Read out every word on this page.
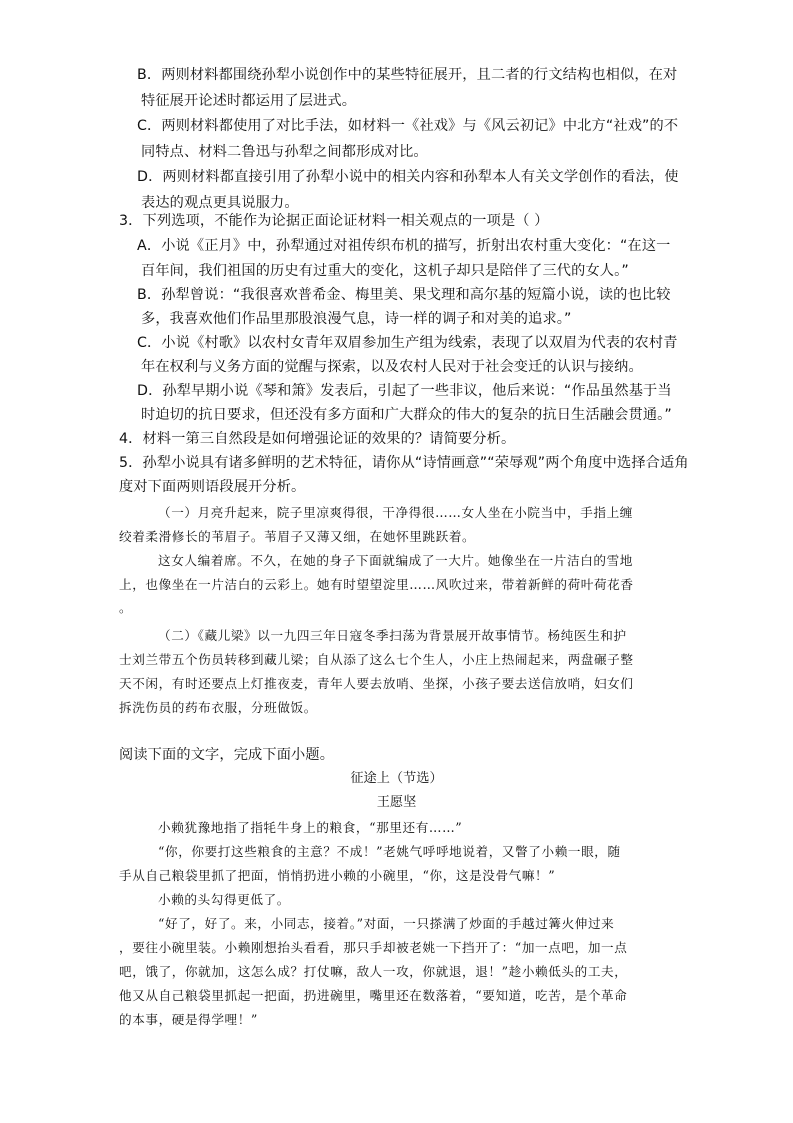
B．两则材料都围绕孙犁小说创作中的某些特征展开，且二者的行文结构也相似，在对
特征展开论述时都运用了层进式。
C．两则材料都使用了对比手法，如材料一《社戏》与《风云初记》中北方“社戏”的不
同特点、材料二鲁迅与孙犁之间都形成对比。
D．两则材料都直接引用了孙犁小说中的相关内容和孙犁本人有关文学创作的看法，使
表达的观点更具说服力。
3．下列选项，不能作为论据正面论证材料一相关观点的一项是（ ）
A．小说《正月》中，孙犁通过对祖传织布机的描写，折射出农村重大变化：“在这一
百年间，我们祖国的历史有过重大的变化，这机子却只是陪伴了三代的女人。”
B．孙犁曾说：“我很喜欢普希金、梅里美、果戈理和高尔基的短篇小说，读的也比较
多，我喜欢他们作品里那股浪漫气息，诗一样的调子和对美的追求。”
C．小说《村歌》以农村女青年双眉参加生产组为线索，表现了以双眉为代表的农村青
年在权利与义务方面的觉醒与探索，以及农村人民对于社会变迁的认识与接纳。
D．孙犁早期小说《琴和箫》发表后，引起了一些非议，他后来说：“作品虽然基于当
时迫切的抗日要求，但还没有多方面和广大群众的伟大的复杂的抗日生活融会贯通。”
4．材料一第三自然段是如何增强论证的效果的？请简要分析。
5．孙犁小说具有诸多鲜明的艺术特征，请你从“诗情画意”“荣辱观”两个角度中选择合适角
度对下面两则语段展开分析。
（一）月亮升起来，院子里凉爽得很，干净得很……女人坐在小院当中，手指上缠
绞着柔滑修长的苇眉子。苇眉子又薄又细，在她怀里跳跃着。
这女人编着席。不久，在她的身子下面就编成了一大片。她像坐在一片洁白的雪地
上，也像坐在一片洁白的云彩上。她有时望望淀里……风吹过来，带着新鲜的荷叶荷花香
。
（二）《藏儿梁》以一九四三年日寇冬季扫荡为背景展开故事情节。杨纯医生和护
士刘兰带五个伤员转移到藏儿梁；自从添了这么七个生人，小庄上热闹起来，两盘碾子整
天不闲，有时还要点上灯推夜麦，青年人要去放哨、坐探，小孩子要去送信放哨，妇女们
拆洗伤员的药布衣服，分班做饭。
阅读下面的文字，完成下面小题。
征途上（节选）
王愿坚
小赖犹豫地指了指牦牛身上的粮食，“那里还有……”
“你，你要打这些粮食的主意？不成！”老姚气呼呼地说着，又瞥了小赖一眼，随
手从自己粮袋里抓了把面，悄悄扔进小赖的小碗里，“你，这是没骨气嘛！”
小赖的头勾得更低了。
“好了，好了。来，小同志，接着。”对面，一只搽满了炒面的手越过篝火伸过来
，要往小碗里装。小赖刚想抬头看看，那只手却被老姚一下挡开了：“加一点吧，加一点
吧，饿了，你就加，这怎么成？打仗嘛，敌人一攻，你就退，退！”趁小赖低头的工夫，
他又从自己粮袋里抓起一把面，扔进碗里，嘴里还在数落着，“要知道，吃苦，是个革命
的本事，硬是得学哩！”
